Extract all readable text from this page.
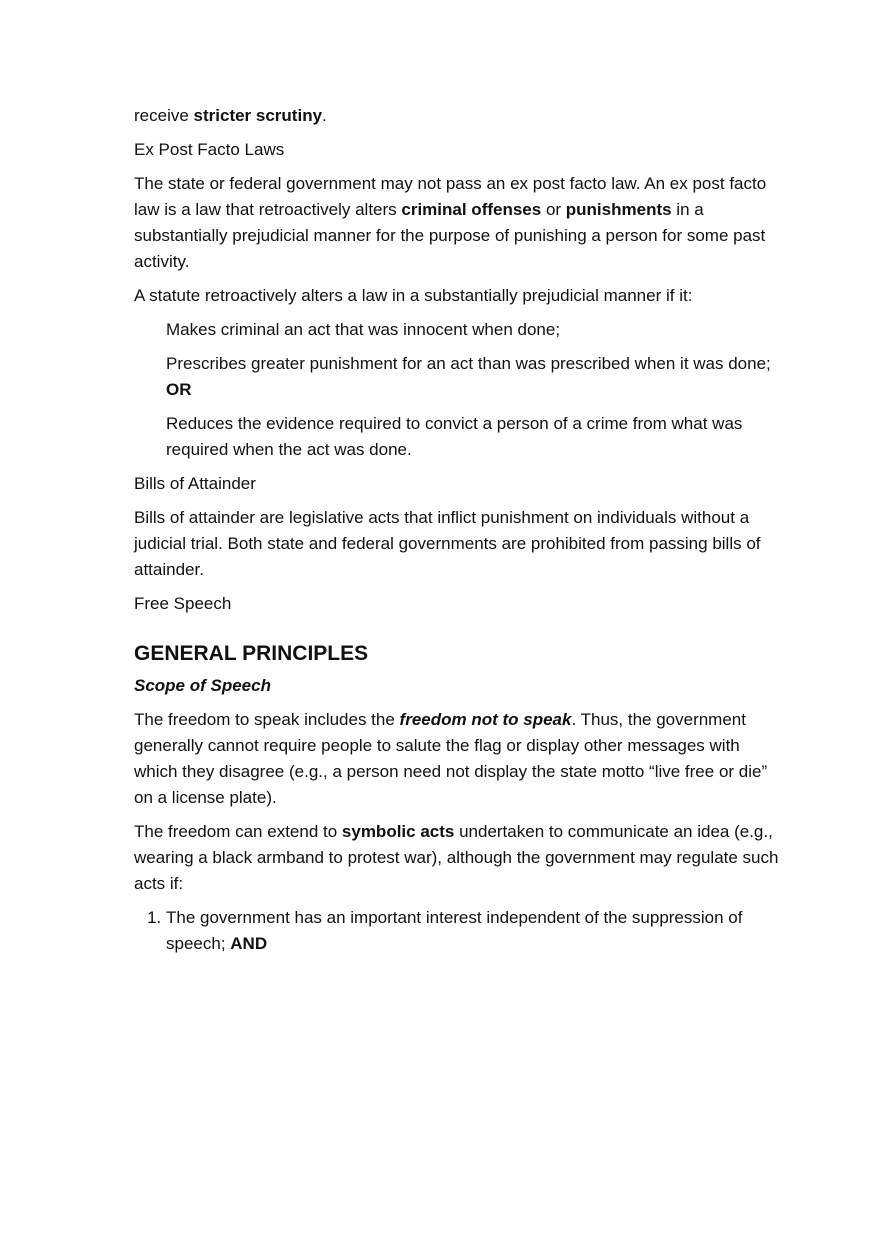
receive stricter scrutiny.

Ex Post Facto Laws

The state or federal government may not pass an ex post facto law. An ex post facto law is a law that retroactively alters criminal offenses or punishments in a substantially prejudicial manner for the purpose of punishing a person for some past activity.

A statute retroactively alters a law in a substantially prejudicial manner if it:

Makes criminal an act that was innocent when done;

Prescribes greater punishment for an act than was prescribed when it was done; OR

Reduces the evidence required to convict a person of a crime from what was required when the act was done.

Bills of Attainder

Bills of attainder are legislative acts that inflict punishment on individuals without a judicial trial. Both state and federal governments are prohibited from passing bills of attainder.

Free Speech

GENERAL PRINCIPLES

Scope of Speech

The freedom to speak includes the freedom not to speak. Thus, the government generally cannot require people to salute the flag or display other messages with which they disagree (e.g., a person need not display the state motto “live free or die” on a license plate).

The freedom can extend to symbolic acts undertaken to communicate an idea (e.g., wearing a black armband to protest war), although the government may regulate such acts if:

1. The government has an important interest independent of the suppression of speech; AND
